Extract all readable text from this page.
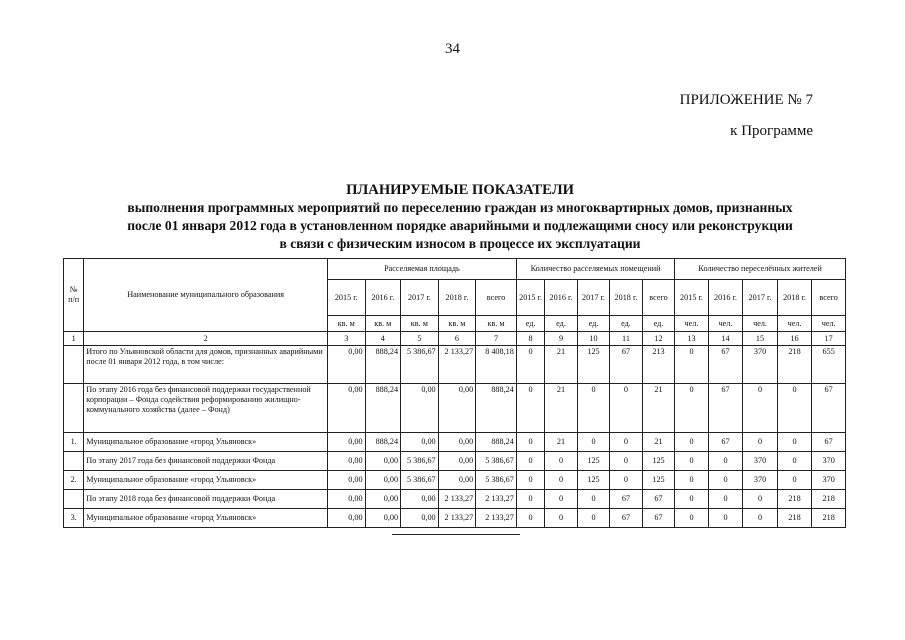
34
ПРИЛОЖЕНИЕ № 7
к Программе
ПЛАНИРУЕМЫЕ ПОКАЗАТЕЛИ
выполнения программных мероприятий по переселению граждан из многоквартирных домов, признанных
после 01 января 2012 года в установленном порядке аварийными и подлежащими сносу или реконструкции
в связи с физическим износом в процессе их эксплуатации
№ п/п	Наименование муниципального образования	Расселяемая площадь					Количество расселяемых помещений					Количество переселённых жителей				
		2015 г.	2016 г.	2017 г.	2018 г.	всего	2015 г.	2016 г.	2017 г.	2018 г.	всего	2015 г.	2016 г.	2017 г.	2018 г.	всего
		кв. м	кв. м	кв. м	кв. м	кв. м	ед.	ед.	ед.	ед.	ед.	чел.	чел.	чел.	чел.	чел.
1	2	3	4	5	6	7	8	9	10	11	12	13	14	15	16	17
	Итого по Ульяновской области для домов, признанных аварийными после 01 января 2012 года, в том числе:	0,00	888,24	5 386,67	2 133,27	8 408,18	0	21	125	67	213	0	67	370	218	655
	По этапу 2016 года без финансовой поддержки государственной корпорации – Фонда содействия реформированию жилищно-коммунального хозяйства (далее – Фонд)	0,00	888,24	0,00	0,00	888,24	0	21	0	0	21	0	67	0	0	67
1.	Муниципальное образование «город Ульяновск»	0,00	888,24	0,00	0,00	888,24	0	21	0	0	21	0	67	0	0	67
	По этапу 2017 года без финансовой поддержки Фонда	0,00	0,00	5 386,67	0,00	5 386,67	0	0	125	0	125	0	0	370	0	370
2.	Муниципальное образование «город Ульяновск»	0,00	0,00	5 386,67	0,00	5 386,67	0	0	125	0	125	0	0	370	0	370
	По этапу 2018 года без финансовой поддержки Фонда	0,00	0,00	0,00	2 133,27	2 133,27	0	0	0	67	67	0	0	0	218	218
3.	Муниципальное образование «город Ульяновск»	0,00	0,00	0,00	2 133,27	2 133,27	0	0	0	67	67	0	0	0	218	218
